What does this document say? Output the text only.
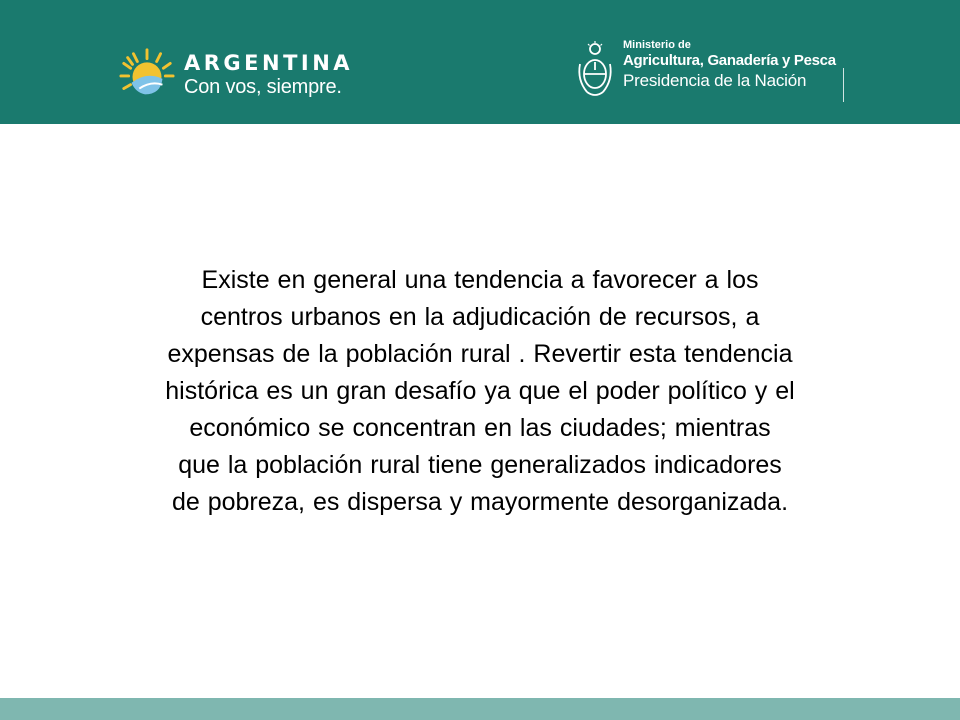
ARGENTINA
Con vos, siempre.
Ministerio de
Agricultura, Ganadería y Pesca
Presidencia de la Nación
Existe en general una tendencia a favorecer a los
centros urbanos en la adjudicación de recursos, a
expensas de la población rural . Revertir esta tendencia
histórica es un gran desafío ya que el poder político y el
económico se concentran en las ciudades; mientras
que la población rural tiene generalizados indicadores
de pobreza, es dispersa y mayormente desorganizada.
